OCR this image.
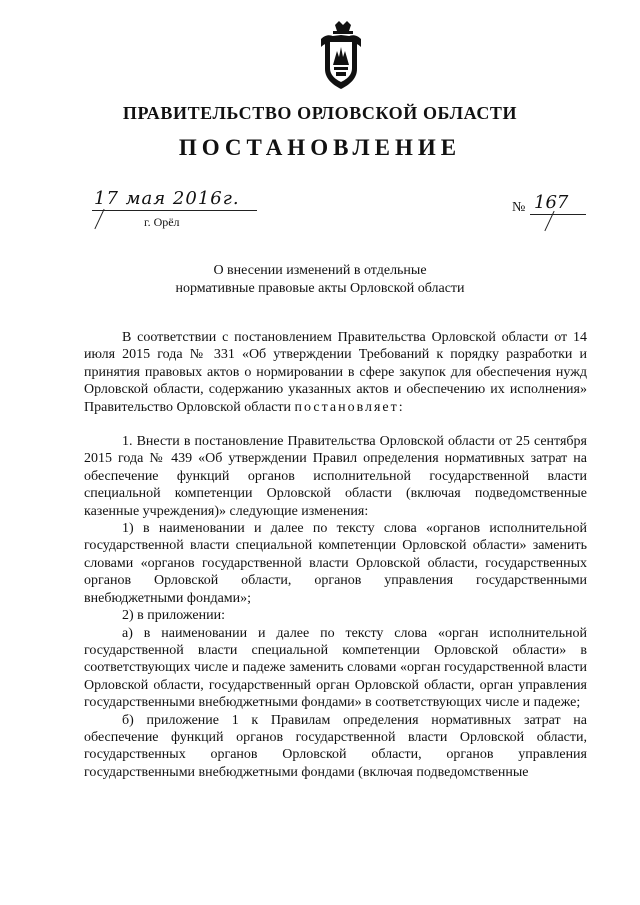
ПРАВИТЕЛЬСТВО ОРЛОВСКОЙ ОБЛАСТИ
ПОСТАНОВЛЕНИЕ
17 мая 2016г.
г. Орёл
№ 167
О внесении изменений в отдельные
нормативные правовые акты Орловской области

В соответствии с постановлением Правительства Орловской области от 14 июля 2015 года № 331 «Об утверждении Требований к порядку разработки и принятия правовых актов о нормировании в сфере закупок для обеспечения нужд Орловской области, содержанию указанных актов и обеспечению их исполнения» Правительство Орловской области постановляет:

1. Внести в постановление Правительства Орловской области от 25 сентября 2015 года № 439 «Об утверждении Правил определения нормативных затрат на обеспечение функций органов исполнительной государственной власти специальной компетенции Орловской области (включая подведомственные казенные учреждения)» следующие изменения:

1) в наименовании и далее по тексту слова «органов исполнительной государственной власти специальной компетенции Орловской области» заменить словами «органов государственной власти Орловской области, государственных органов Орловской области, органов управления государственными внебюджетными фондами»;

2) в приложении:

а) в наименовании и далее по тексту слова «орган исполнительной государственной власти специальной компетенции Орловской области» в соответствующих числе и падеже заменить словами «орган государственной власти Орловской области, государственный орган Орловской области, орган управления государственными внебюджетными фондами» в соответствующих числе и падеже;

б) приложение 1 к Правилам определения нормативных затрат на обеспечение функций органов государственной власти Орловской области, государственных органов Орловской области, органов управления государственными внебюджетными фондами (включая подведомственные
